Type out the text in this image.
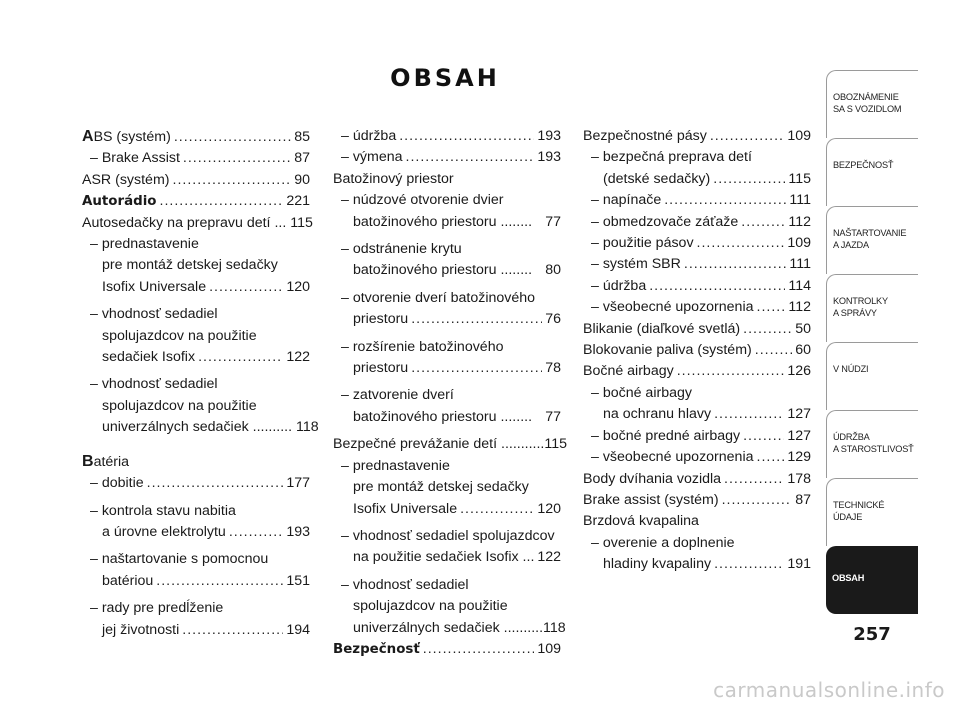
OBSAH
ABS (systém) .....	85
– Brake Assist .....	87
ASR (systém) .....	90
Autorádio .....	221
Autosedačky na prepravu detí ... 115
– prednastavenie
pre montáž detskej sedačky
Isofix Universale .....	120
– vhodnosť sedadiel
spolujazdcov na použitie
sedačiek Isofix .....	122
– vhodnosť sedadiel
spolujazdcov na použitie
univerzálnych sedačiek .......... 118
Batéria
– dobitie .....	177
– kontrola stavu nabitia
a úrovne elektrolytu .....	193
– naštartovanie s pomocnou
batériou .....	151
– rady pre predĺženie
jej životnosti .....	194
– údržba .....	193
– výmena .....	193
Batožinový priestor
– núdzové otvorenie dvier
batožinového priestoru ........ 77
– odstránenie krytu
batožinového priestoru ........ 80
– otvorenie dverí batožinového
priestoru .....	76
– rozšírenie batožinového
priestoru .....	78
– zatvorenie dverí
batožinového priestoru ........ 77
Bezpečné prevážanie detí ........... 115
– prednastavenie
pre montáž detskej sedačky
Isofix Universale .....	120
– vhodnosť sedadiel spolujazdcov
na použitie sedačiek Isofix ... 122
– vhodnosť sedadiel
spolujazdcov na použitie
univerzálnych sedačiek .......... 118
Bezpečnosť .....	109
Bezpečnostné pásy .....	109
– bezpečná preprava detí
(detské sedačky) .....	115
– napínače .....	111
– obmedzovače záťaže .....	112
– použitie pásov .....	109
– systém SBR .....	111
– údržba .....	114
– všeobecné upozornenia ..... 112
Blikanie (diaľkové svetlá) .....	50
Blokovanie paliva (systém) .....	60
Bočné airbagy .....	126
– bočné airbagy
na ochranu hlavy .....	127
– bočné predné airbagy .....	127
– všeobecné upozornenia ..... 129
Body dvíhania vozidla .....	178
Brake assist (systém) .....	87
Brzdová kvapalina
– overenie a doplnenie
hladiny kvapaliny .....	191
OBOZNÁMENIE
SA S VOZIDLOM
BEZPEČNOSŤ
NAŠTARTOVANIE
A JAZDA
KONTROLKY
A SPRÁVY
V NÚDZI
ÚDRŽBA
A STAROSTLIVOSŤ
TECHNICKÉ
ÚDAJE
OBSAH
257
carmanualsonline.info
